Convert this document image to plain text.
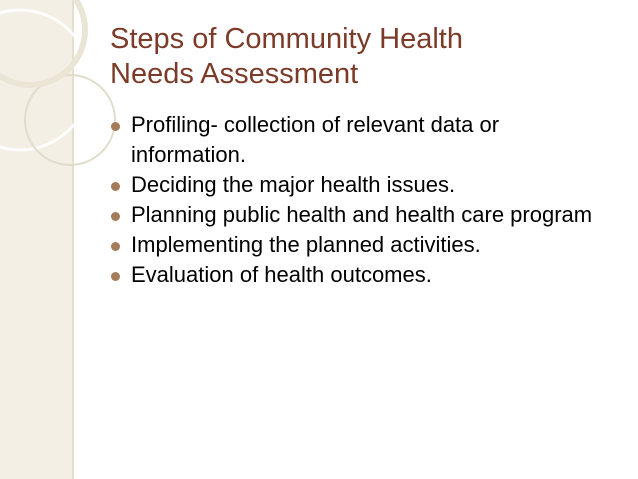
Steps of Community Health
Needs Assessment
Profiling- collection of relevant data or information.
Deciding the major health issues.
Planning public health and health care program
Implementing the planned activities.
Evaluation of health outcomes.
